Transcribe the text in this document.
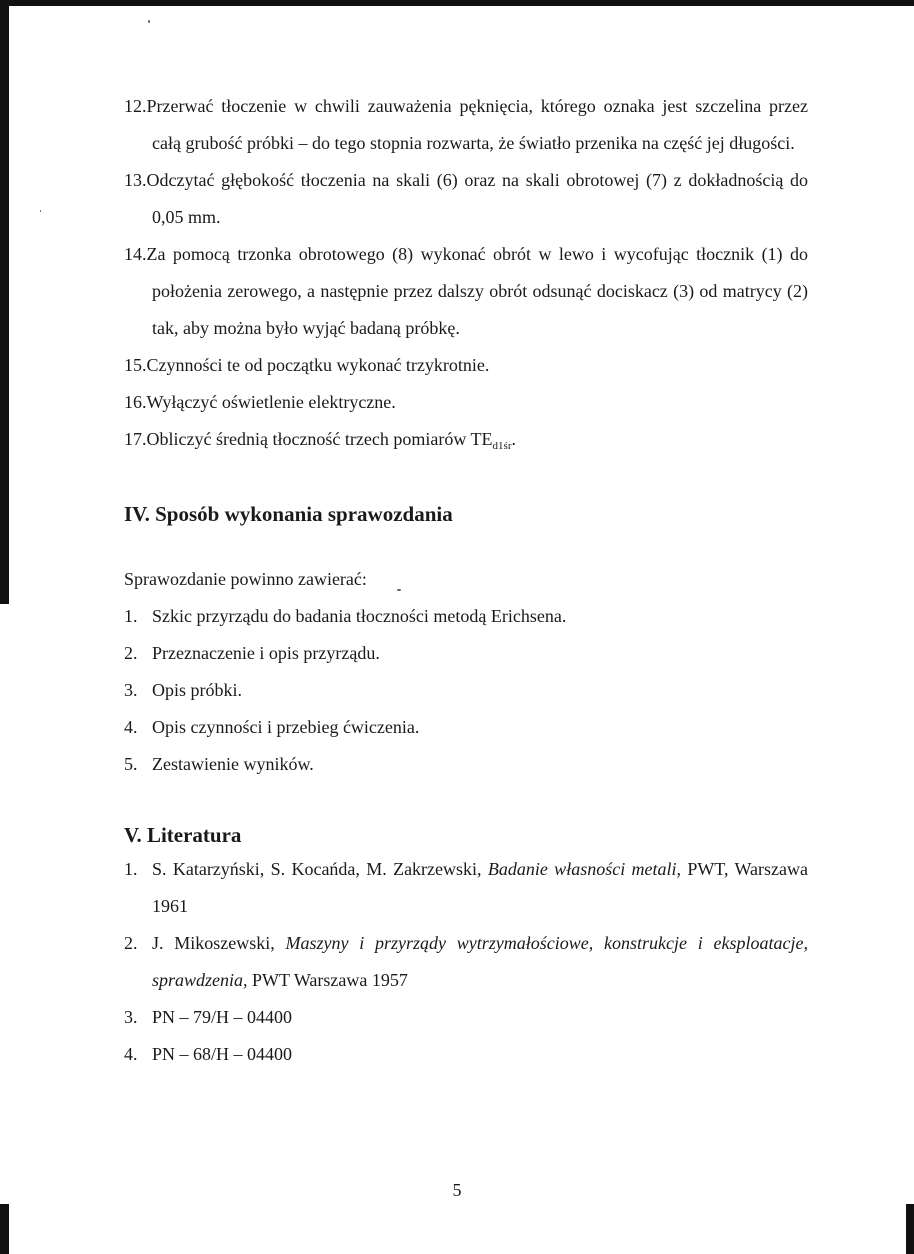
12.Przerwać tłoczenie w chwili zauważenia pęknięcia, którego oznaka jest szczelina przez całą grubość próbki – do tego stopnia rozwarta, że światło przenika na część jej długości.
13.Odczytać głębokość tłoczenia na skali (6) oraz na skali obrotowej (7) z dokładnością do 0,05 mm.
14.Za pomocą trzonka obrotowego (8) wykonać obrót w lewo i wycofując tłocznik (1) do położenia zerowego, a następnie przez dalszy obrót odsunąć dociskacz (3) od matrycy (2) tak, aby można było wyjąć badaną próbkę.
15.Czynności te od początku wykonać trzykrotnie.
16.Wyłączyć oświetlenie elektryczne.
17.Obliczyć średnią tłoczność trzech pomiarów $TE_{d1śr}$.
IV. Sposób wykonania sprawozdania

Sprawozdanie powinno zawierać:

1. Szkic przyrządu do badania tłoczności metodą Erichsena.
2. Przeznaczenie i opis przyrządu.
3. Opis próbki.
4. Opis czynności i przebieg ćwiczenia.
5. Zestawienie wyników.
V. Literatura
1. S. Katarzyński, S. Kocańda, M. Zakrzewski, Badanie własności metali, PWT, Warszawa 1961
2. J. Mikoszewski, Maszyny i przyrządy wytrzymałościowe, konstrukcje i eksploatacje, sprawdzenia, PWT Warszawa 1957
3. PN – 79/H – 04400
4. PN – 68/H – 04400
5
